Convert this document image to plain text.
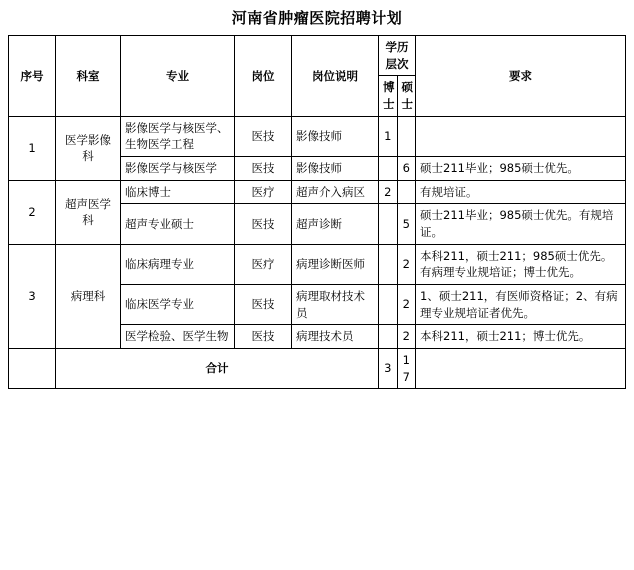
河南省肿瘤医院招聘计划
序号	科室	专业	岗位	岗位说明	学历层次		要求
					博士	硕士	
1	医学影像科	影像医学与核医学、生物医学工程	医技	影像技师	1		
		影像医学与核医学	医技	影像技师		6	硕士211毕业；985硕士优先。
2	超声医学科	临床博士	医疗	超声介入病区	2		有规培证。
		超声专业硕士	医技	超声诊断		5	硕士211毕业；985硕士优先。有规培证。
3	病理科	临床病理专业	医疗	病理诊断医师		2	本科211，硕士211；985硕士优先。有病理专业规培证；博士优先。
		临床医学专业	医技	病理取材技术员		2	1、硕士211，有医师资格证；2、有病理专业规培证者优先。
		医学检验、医学生物	医技	病理技术员		2	本科211，硕士211；博士优先。
	合计				3	17	
